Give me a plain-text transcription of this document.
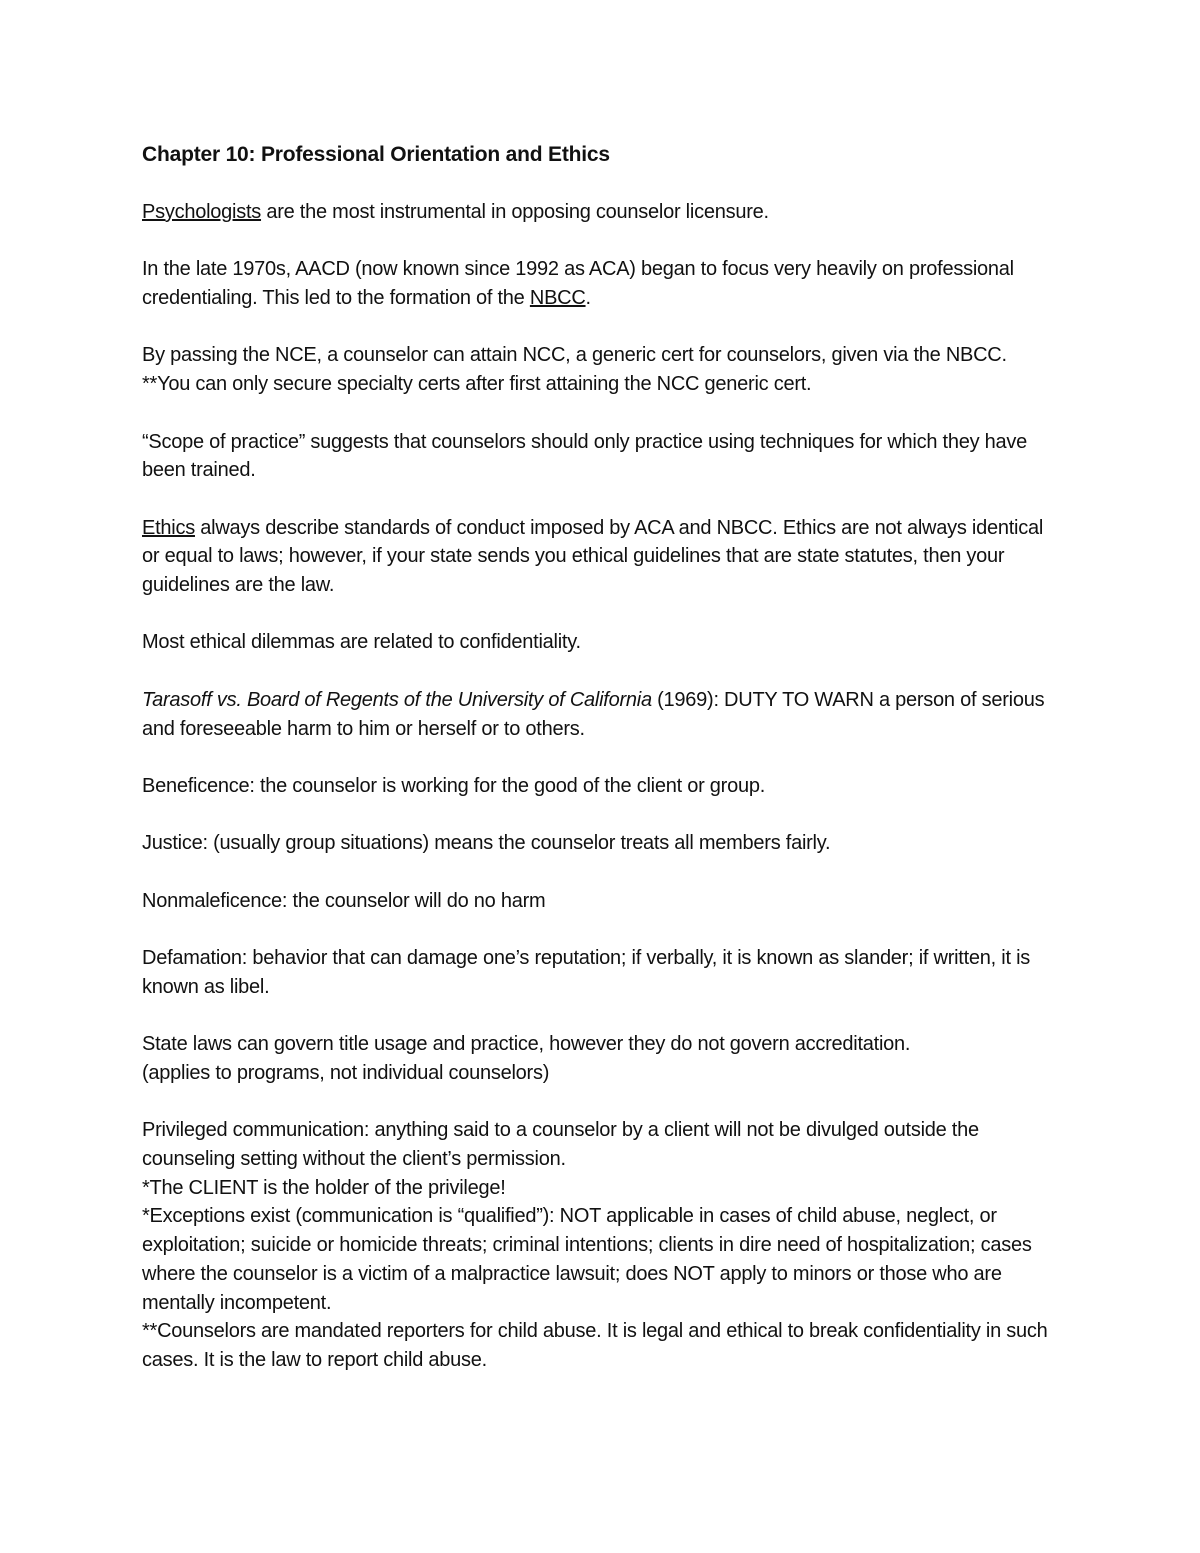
Chapter 10: Professional Orientation and Ethics
Psychologists are the most instrumental in opposing counselor licensure.
In the late 1970s, AACD (now known since 1992 as ACA) began to focus very heavily on professional credentialing. This led to the formation of the NBCC.
By passing the NCE, a counselor can attain NCC, a generic cert for counselors, given via the NBCC.
**You can only secure specialty certs after first attaining the NCC generic cert.
“Scope of practice” suggests that counselors should only practice using techniques for which they have been trained.
Ethics always describe standards of conduct imposed by ACA and NBCC. Ethics are not always identical or equal to laws; however, if your state sends you ethical guidelines that are state statutes, then your guidelines are the law.
Most ethical dilemmas are related to confidentiality.
Tarasoff vs. Board of Regents of the University of California (1969): DUTY TO WARN a person of serious and foreseeable harm to him or herself or to others.
Beneficence: the counselor is working for the good of the client or group.
Justice: (usually group situations) means the counselor treats all members fairly.
Nonmaleficence: the counselor will do no harm
Defamation: behavior that can damage one’s reputation; if verbally, it is known as slander; if written, it is known as libel.
State laws can govern title usage and practice, however they do not govern accreditation.
(applies to programs, not individual counselors)
Privileged communication: anything said to a counselor by a client will not be divulged outside the counseling setting without the client’s permission.
*The CLIENT is the holder of the privilege!
*Exceptions exist (communication is “qualified”): NOT applicable in cases of child abuse, neglect, or exploitation; suicide or homicide threats; criminal intentions; clients in dire need of hospitalization; cases where the counselor is a victim of a malpractice lawsuit; does NOT apply to minors or those who are mentally incompetent.
**Counselors are mandated reporters for child abuse. It is legal and ethical to break confidentiality in such cases. It is the law to report child abuse.
